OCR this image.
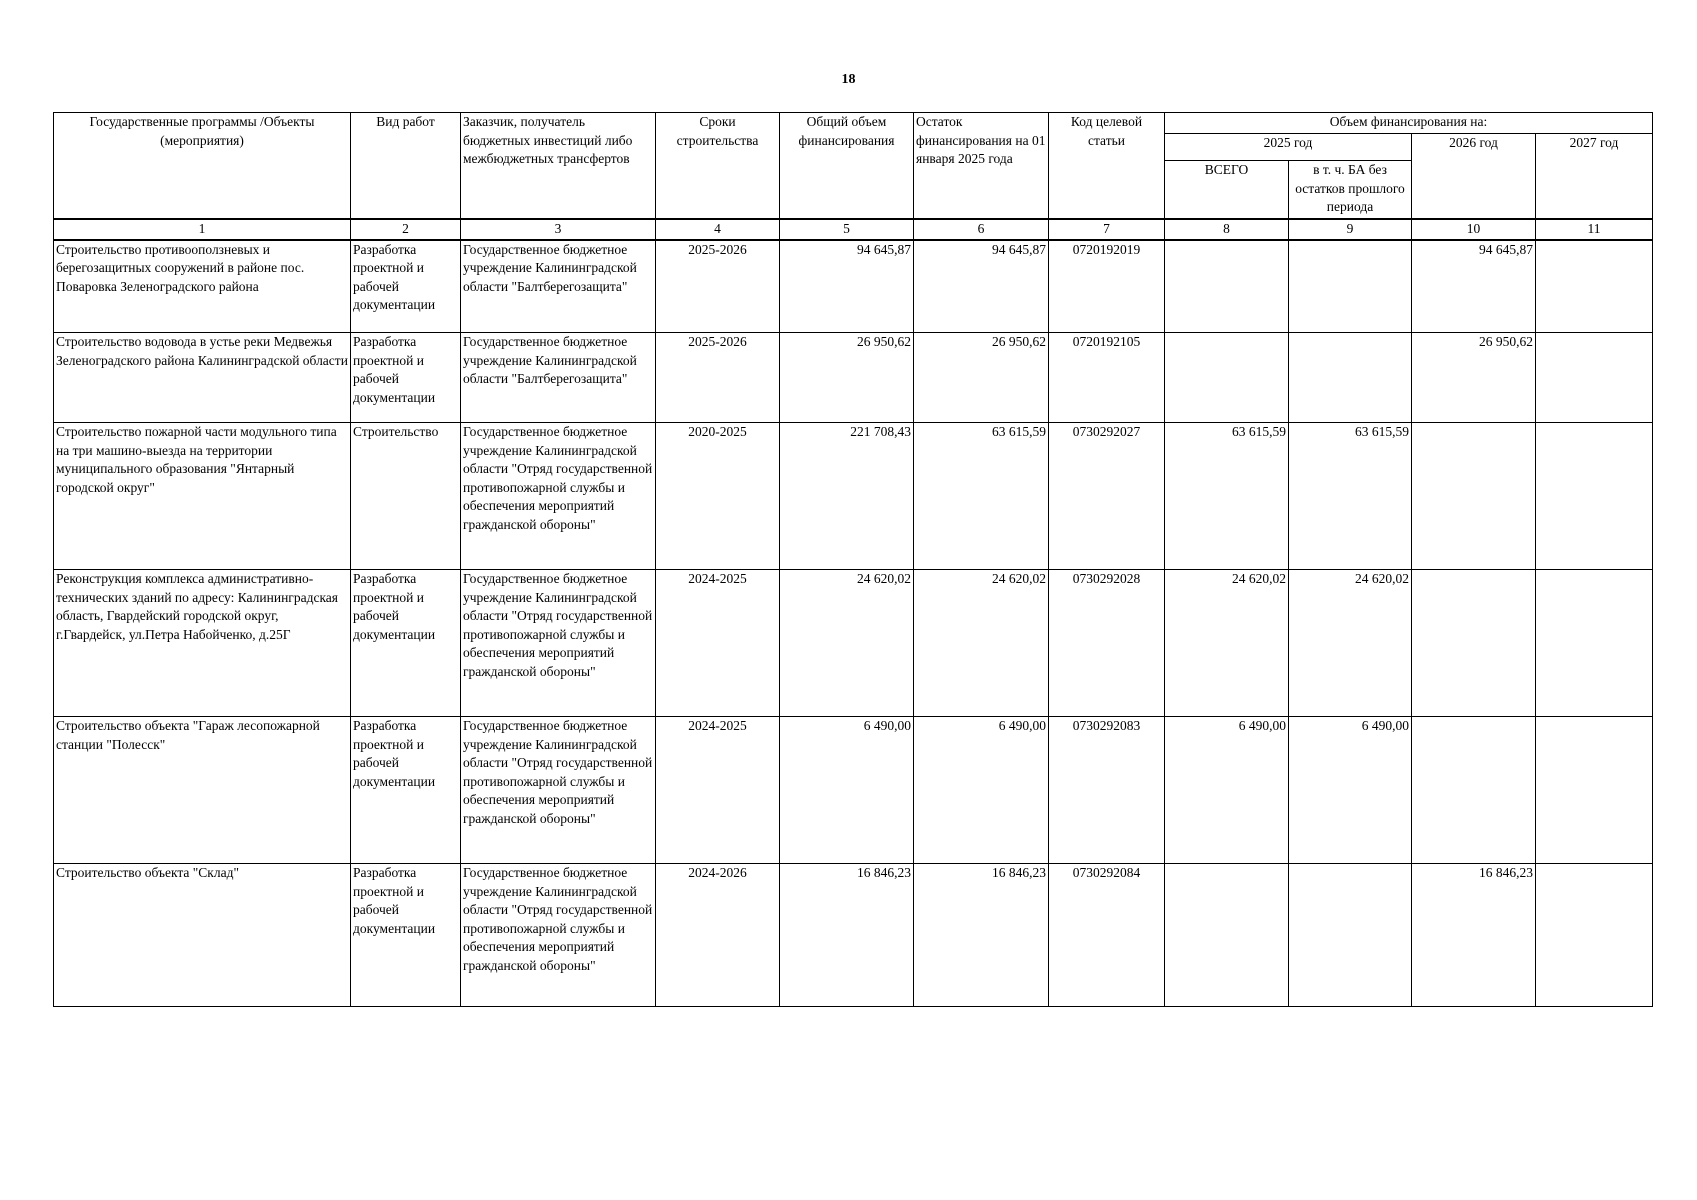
18
Государственные программы /Объекты (мероприятия)	Вид работ	Заказчик, получатель бюджетных инвестиций либо межбюджетных трансфертов	Сроки строительства	Общий объем финансирования	Остаток финансирования на 01 января 2025 года	Код целевой статьи	Объем финансирования на:			
							2025 год		2026 год	2027 год
							ВСЕГО	в т. ч. БА без остатков прошлого периода		
1	2	3	4	5	6	7	8	9	10	11
Строительство противооползневых и берегозащитных сооружений в районе пос. Поваровка Зеленоградского района	Разработка проектной и рабочей документации	Государственное бюджетное учреждение Калининградской области "Балтберегозащита"	2025-2026	94 645,87	94 645,87	0720192019			94 645,87	
Строительство водовода в устье реки Медвежья Зеленоградского района Калининградской области	Разработка проектной и рабочей документации	Государственное бюджетное учреждение Калининградской области "Балтберегозащита"	2025-2026	26 950,62	26 950,62	0720192105			26 950,62	
Строительство пожарной части модульного типа на три машино-выезда на территории муниципального образования "Янтарный городской округ"	Строительство	Государственное бюджетное учреждение Калининградской области "Отряд государственной противопожарной службы и обеспечения мероприятий гражданской обороны"	2020-2025	221 708,43	63 615,59	0730292027	63 615,59	63 615,59		
Реконструкция комплекса административно-технических зданий по адресу: Калининградская область, Гвардейский городской округ, г.Гвардейск, ул.Петра Набойченко, д.25Г	Разработка проектной и рабочей документации	Государственное бюджетное учреждение Калининградской области "Отряд государственной противопожарной службы и обеспечения мероприятий гражданской обороны"	2024-2025	24 620,02	24 620,02	0730292028	24 620,02	24 620,02		
Строительство объекта "Гараж лесопожарной станции "Полесск"	Разработка проектной и рабочей документации	Государственное бюджетное учреждение Калининградской области "Отряд государственной противопожарной службы и обеспечения мероприятий гражданской обороны"	2024-2025	6 490,00	6 490,00	0730292083	6 490,00	6 490,00		
Строительство объекта "Склад"	Разработка проектной и рабочей документации	Государственное бюджетное учреждение Калининградской области "Отряд государственной противопожарной службы и обеспечения мероприятий гражданской обороны"	2024-2026	16 846,23	16 846,23	0730292084			16 846,23	
